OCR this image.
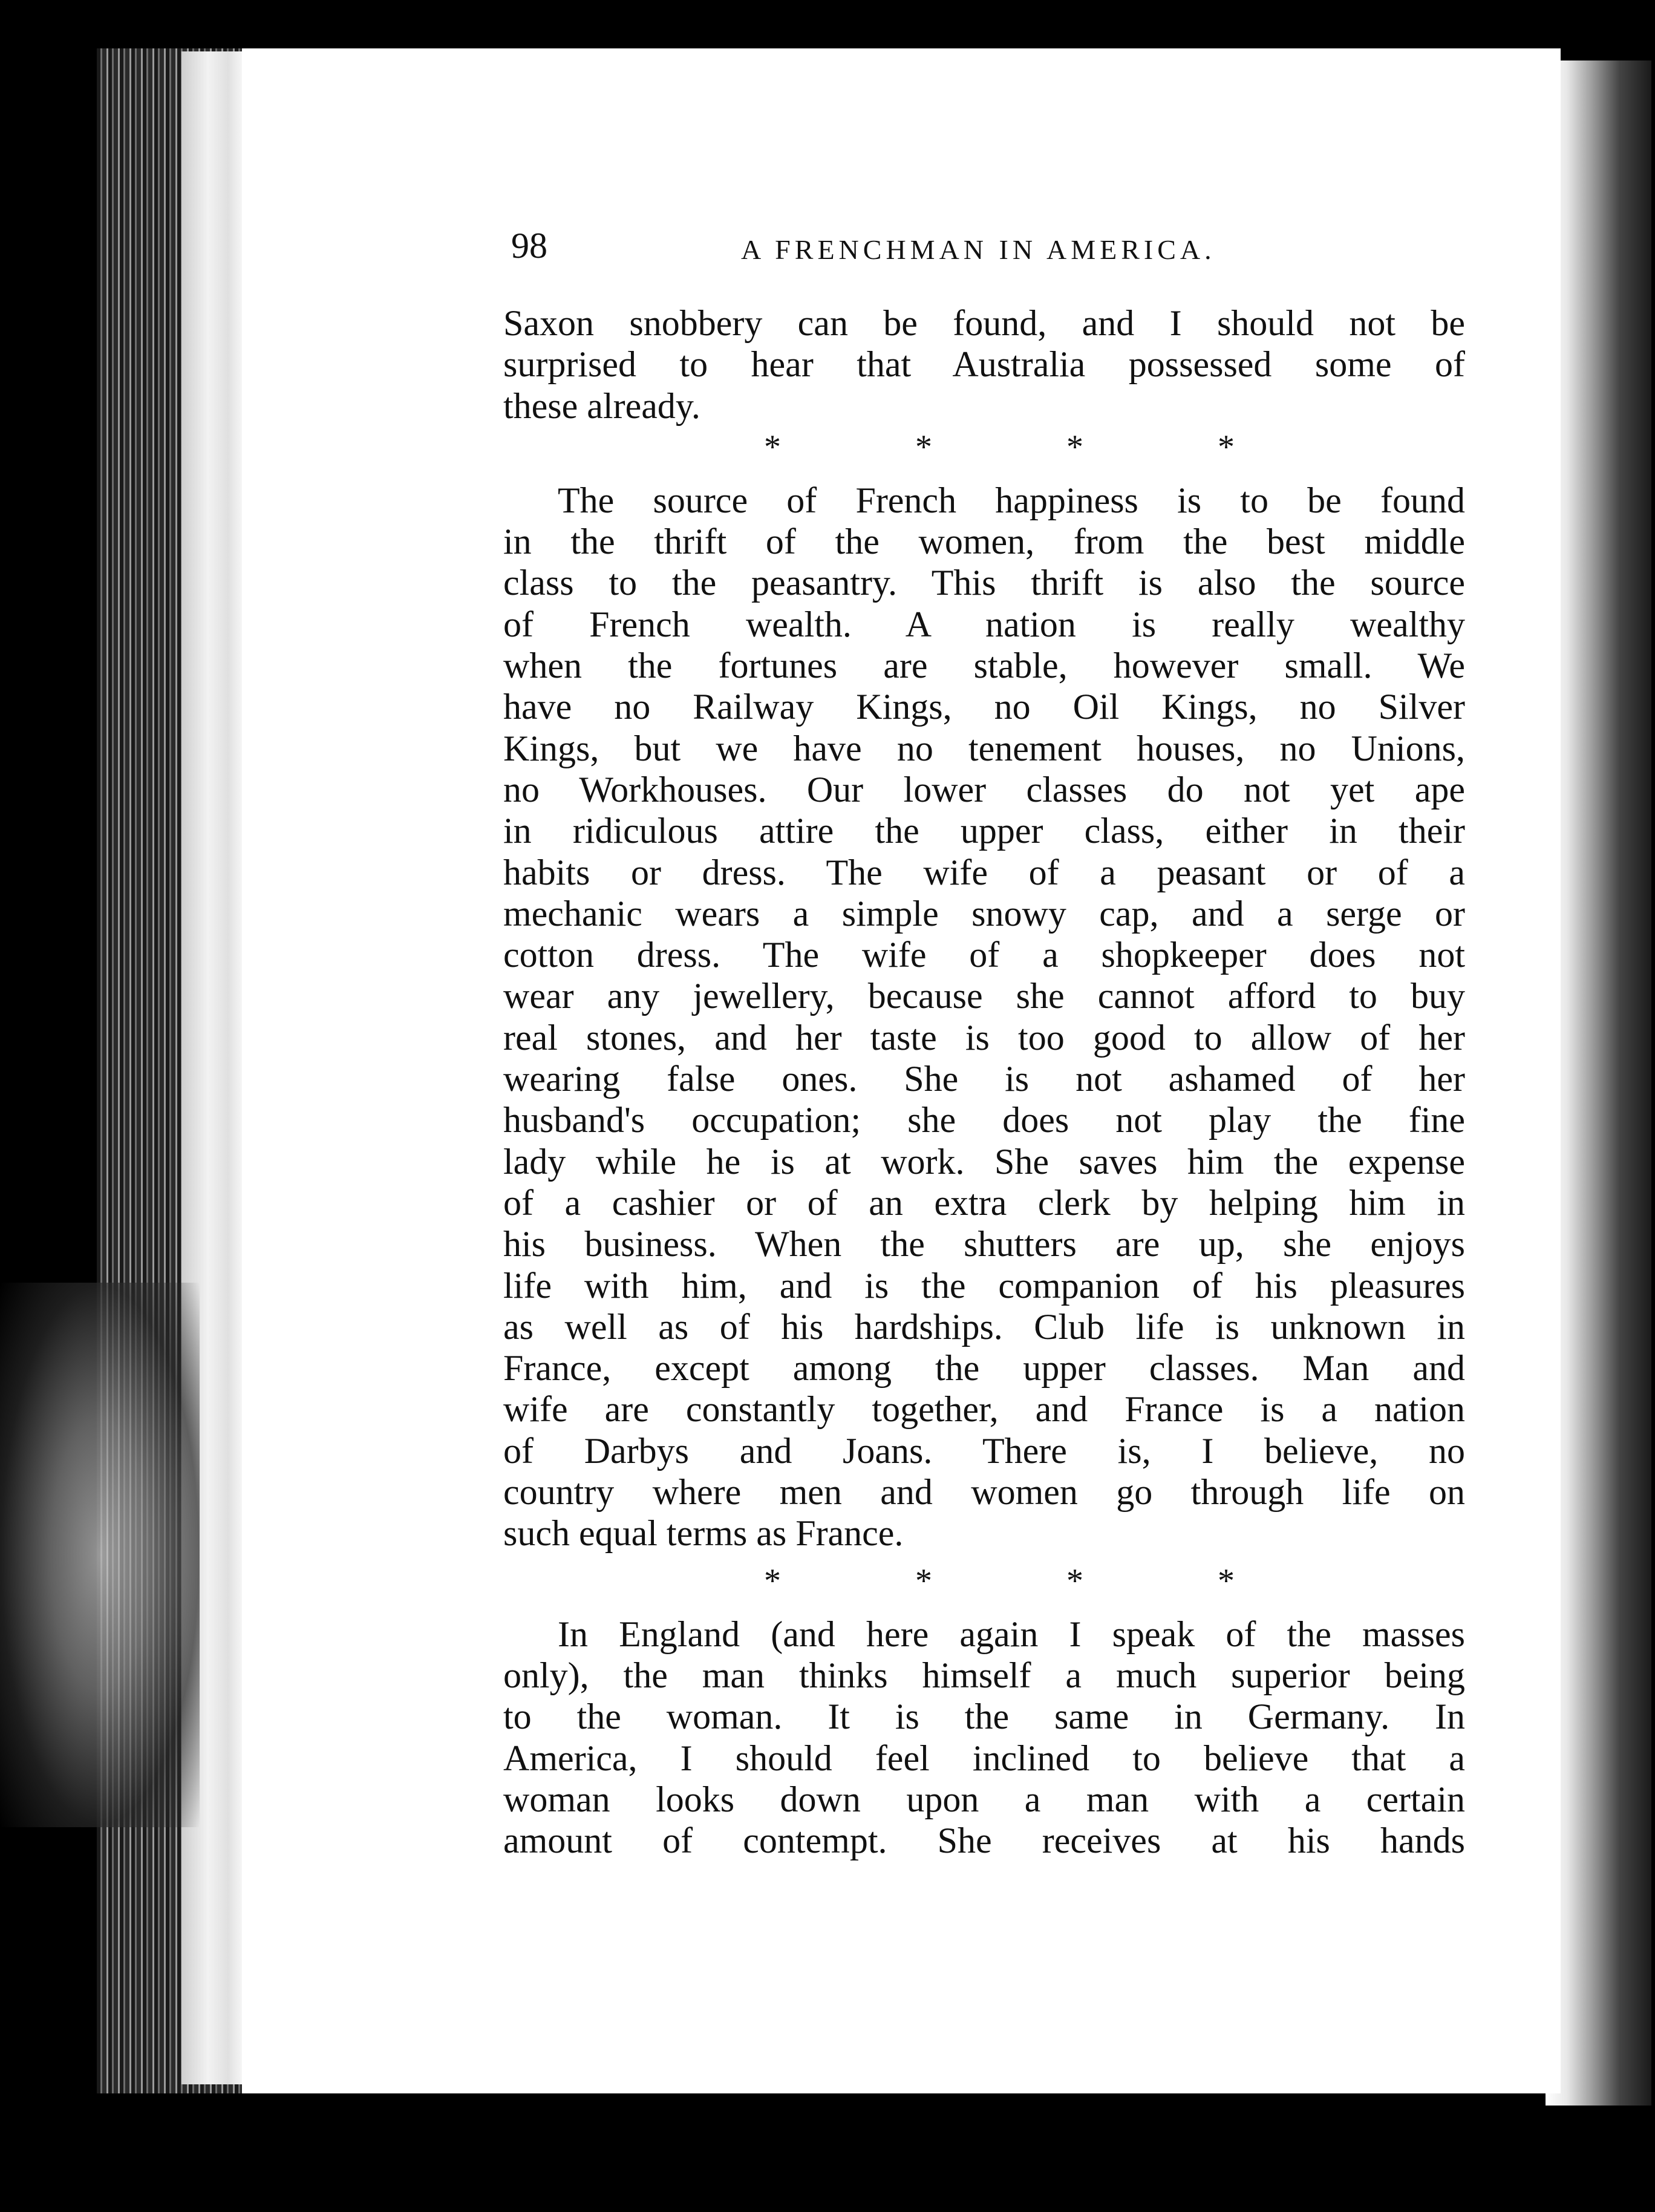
98	A FRENCHMAN IN AMERICA.
Saxon snobbery can be found, and I should not be
surprised to hear that Australia possessed some of
these already.
*	*	*	*
The source of French happiness is to be found
in the thrift of the women, from the best middle
class to the peasantry. This thrift is also the source
of French wealth. A nation is really wealthy
when the fortunes are stable, however small. We
have no Railway Kings, no Oil Kings, no Silver
Kings, but we have no tenement houses, no Unions,
no Workhouses. Our lower classes do not yet ape
in ridiculous attire the upper class, either in their
habits or dress. The wife of a peasant or of a
mechanic wears a simple snowy cap, and a serge or
cotton dress. The wife of a shopkeeper does not
wear any jewellery, because she cannot afford to buy
real stones, and her taste is too good to allow of her
wearing false ones. She is not ashamed of her
husband's occupation; she does not play the fine
lady while he is at work. She saves him the expense
of a cashier or of an extra clerk by helping him in
his business. When the shutters are up, she enjoys
life with him, and is the companion of his pleasures
as well as of his hardships. Club life is unknown in
France, except among the upper classes. Man and
wife are constantly together, and France is a nation
of Darbys and Joans. There is, I believe, no
country where men and women go through life on
such equal terms as France.
*	*	*	*
In England (and here again I speak of the masses
only), the man thinks himself a much superior being
to the woman. It is the same in Germany. In
America, I should feel inclined to believe that a
woman looks down upon a man with a certain
amount of contempt. She receives at his hands
